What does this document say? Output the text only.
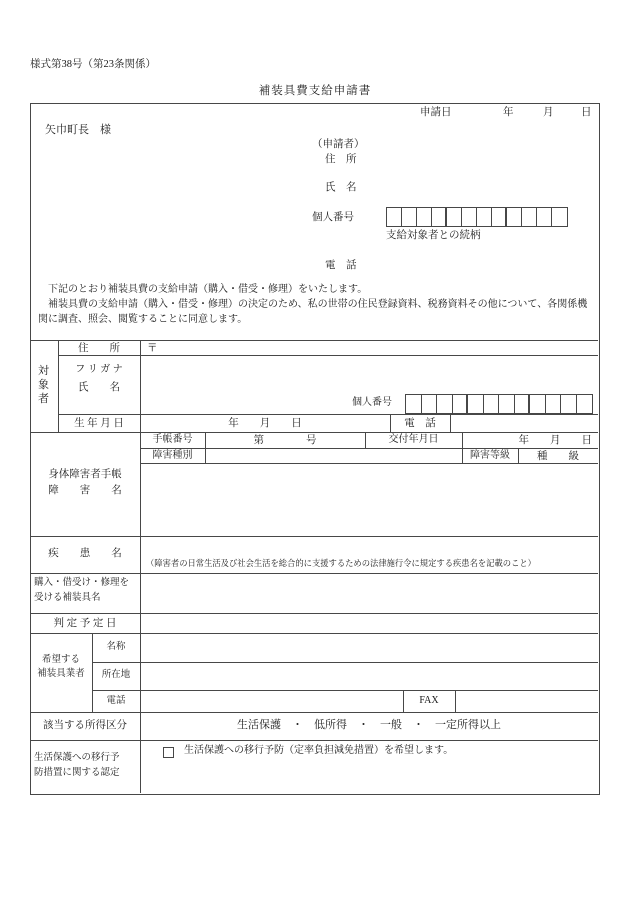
様式第38号（第23条関係）
補装具費支給申請書
申請日	年	月	日
矢巾町長　様
（申請者）
住　所
氏　名
個人番号
支給対象者との続柄
電　話
　下記のとおり補装具費の支給申請（購入・借受・修理）をいたします。
　補装具費の支給申請（購入・借受・修理）の決定のため、私の世帯の住民登録資料、税務資料その他について、各関係機関に調査、照会、閲覧することに同意します。
対象者
住　　所	〒
フ リ ガ ナ
氏　　名
個人番号
生 年 月 日	年　　月　　日	電　話
手帳番号	第　　　　号	交付年月日	年　　月　　日
障害種別	障害等級	種　　級
身体障害者手帳
障　　害　　名
疾　　患　　名
（障害者の日常生活及び社会生活を総合的に支援するための法律施行令に規定する疾患名を記載のこと）
購入・借受け・修理を
受ける補装具名
判 定 予 定 日
希望する
補装具業者
名称
所在地
電話	FAX
該当する所得区分	生活保護　・　低所得　・　一般　・　一定所得以上
生活保護への移行予
防措置に関する認定
生活保護への移行予防（定率負担減免措置）を希望します。
